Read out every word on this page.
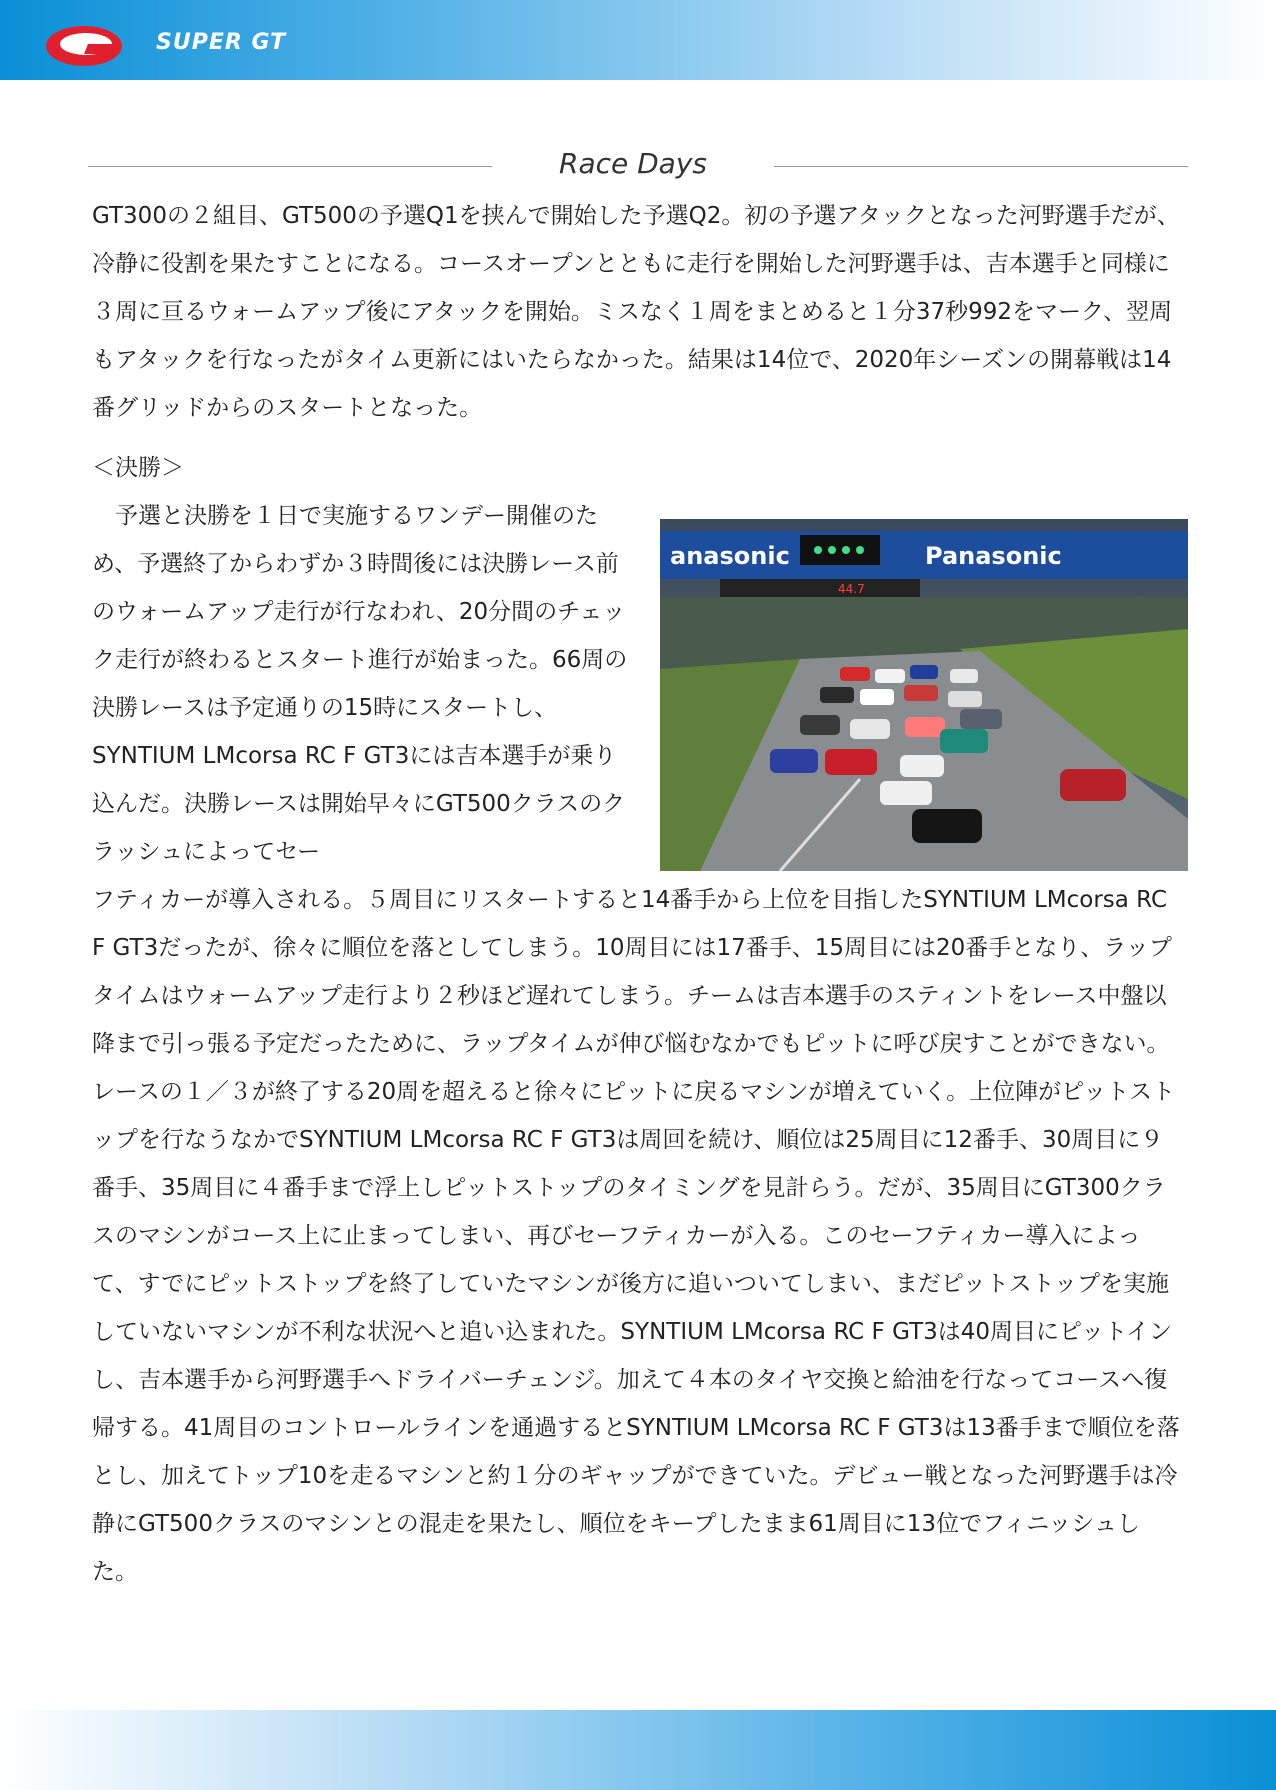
SUPER GT
Race Days
GT300の２組目、GT500の予選Q1を挟んで開始した予選Q2。初の予選アタックとなった河野選手だが、冷静に役割を果たすことになる。コースオープンとともに走行を開始した河野選手は、吉本選手と同様に３周に亘るウォームアップ後にアタックを開始。ミスなく１周をまとめると１分37秒992をマーク、翌周もアタックを行なったがタイム更新にはいたらなかった。結果は14位で、2020年シーズンの開幕戦は14番グリッドからのスタートとなった。
＜決勝＞
　予選と決勝を１日で実施するワンデー開催のため、予選終了からわずか３時間後には決勝レース前のウォームアップ走行が行なわれ、20分間のチェック走行が終わるとスタート進行が始まった。66周の決勝レースは予定通りの15時にスタートし、SYNTIUM LMcorsa RC F GT3には吉本選手が乗り込んだ。決勝レースは開始早々にGT500クラスのクラッシュによってセー
anasonic	Panasonic
44.7
フティカーが導入される。５周目にリスタートすると14番手から上位を目指したSYNTIUM LMcorsa RC F GT3だったが、徐々に順位を落としてしまう。10周目には17番手、15周目には20番手となり、ラップタイムはウォームアップ走行より２秒ほど遅れてしまう。チームは吉本選手のスティントをレース中盤以降まで引っ張る予定だったために、ラップタイムが伸び悩むなかでもピットに呼び戻すことができない。レースの１／３が終了する20周を超えると徐々にピットに戻るマシンが増えていく。上位陣がピットストップを行なうなかでSYNTIUM LMcorsa RC F GT3は周回を続け、順位は25周目に12番手、30周目に９番手、35周目に４番手まで浮上しピットストップのタイミングを見計らう。だが、35周目にGT300クラスのマシンがコース上に止まってしまい、再びセーフティカーが入る。このセーフティカー導入によって、すでにピットストップを終了していたマシンが後方に追いついてしまい、まだピットストップを実施していないマシンが不利な状況へと追い込まれた。SYNTIUM LMcorsa RC F GT3は40周目にピットインし、吉本選手から河野選手へドライバーチェンジ。加えて４本のタイヤ交換と給油を行なってコースへ復帰する。41周目のコントロールラインを通過するとSYNTIUM LMcorsa RC F GT3は13番手まで順位を落とし、加えてトップ10を走るマシンと約１分のギャップができていた。デビュー戦となった河野選手は冷静にGT500クラスのマシンとの混走を果たし、順位をキープしたまま61周目に13位でフィニッシュした。
